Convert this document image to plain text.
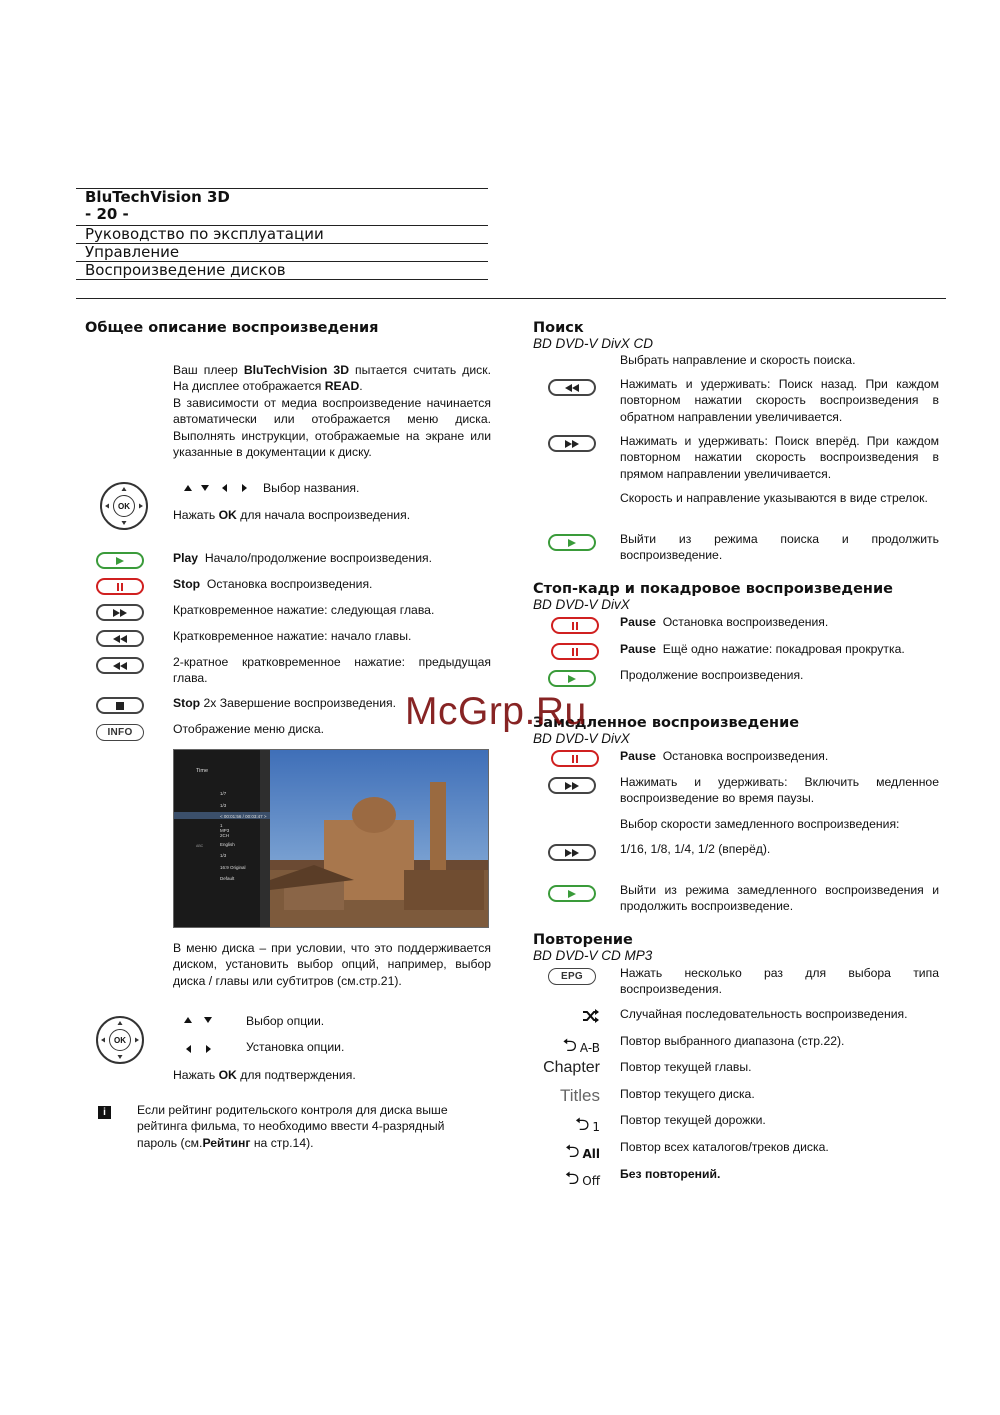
BluTechVision 3D
- 20 -
Руководство по эксплуатации
Управление
Воспроизведение дисков
Общее описание воспроизведения
Ваш плеер BluTechVision 3D пытается считать диск. На дисплее отображается READ.
В зависимости от медиа воспроизведение начинается автоматически или отображается меню диска. Выполнять инструкции, отображаемые на экране или указанные в документации к диску.
OK
Выбор названия.
Нажать OK для начала воспроизведения.
Play Начало/продолжение воспроизведения.
Stop Остановка воспроизведения.
Кратковременное нажатие: следующая глава.
Кратковременное нажатие: начало главы.
2-кратное кратковременное нажатие: предыдущая глава.
Stop 2x Завершение воспроизведения.
INFO	Отображение меню диска.
Time
1/7
1/3
< 00:01:56 / 00:03:47 >
1
MP3
2CH
English
1/3
16:9 Original
Default
ABC
В меню диска – при условии, что это поддерживается диском, установить выбор опций, например, выбор диска / главы или субтитров (см.стр.21).
OK
Выбор опции.
Установка опции.
Нажать OK для подтверждения.
i	Если рейтинг родительского контроля для диска выше рейтинга фильма, то необходимо ввести 4-разрядный пароль (см.Рейтинг на стр.14).
Поиск
BD DVD-V DivX CD
Выбрать направление и скорость поиска.
Нажимать и удерживать: Поиск назад. При каждом повторном нажатии скорость воспроизведения в обратном направлении увеличивается.
Нажимать и удерживать: Поиск вперёд. При каждом повторном нажатии скорость воспроизведения в прямом направлении увеличивается.
Скорость и направление указываются в виде стрелок.
Выйти из режима поиска и продолжить воспроизведение.
Стоп-кадр и покадровое воспроизведение
BD DVD-V DivX
Pause Остановка воспроизведения.
Pause Ещё одно нажатие: покадровая прокрутка.
Продолжение воспроизведения.
Замедленное воспроизведение
BD DVD-V DivX
Pause Остановка воспроизведения.
Нажимать и удерживать: Включить медленное воспроизведение во время паузы.
Выбор скорости замедленного воспроизведения:
1/16, 1/8, 1/4, 1/2 (вперёд).
Выйти из режима замедленного воспроизведения и продолжить воспроизведение.
Повторение
BD DVD-V CD MP3
EPG	Нажать несколько раз для выбора типа воспроизведения.
Случайная последовательность воспроизведения.
⮌ A-B Повтор выбранного диапазона (стр.22).
Chapter Повтор текущей главы.
Titles Повтор текущего диска.
⮌ 1 Повтор текущей дорожки.
⮌ All Повтор всех каталогов/треков диска.
⮌ Off Без повторений.
McGrp.Ru
